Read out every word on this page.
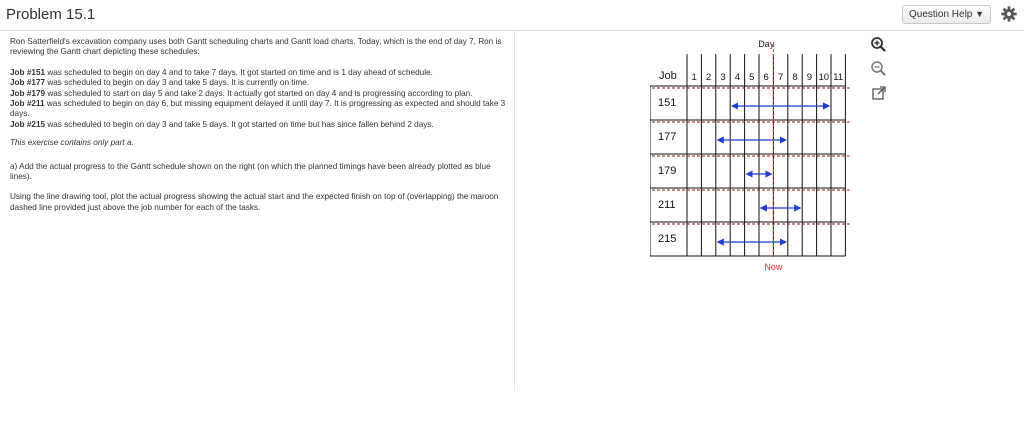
Problem 15.1	Question Help ▼

Ron Satterfield's excavation company uses both Gantt scheduling charts and Gantt load charts. Today, which is the end of day 7, Ron is reviewing the Gantt chart depicting these schedules:

Job #151 was scheduled to begin on day 4 and to take 7 days. It got started on time and is 1 day ahead of schedule.
Job #177 was scheduled to begin on day 3 and take 5 days. It is currently on time.
Job #179 was scheduled to start on day 5 and take 2 days. It actually got started on day 4 and is progressing according to plan.
Job #211 was scheduled to begin on day 6, but missing equipment delayed it until day 7. It is progressing as expected and should take 3 days.
Job #215 was scheduled to begin on day 3 and take 5 days. It got started on time but has since fallen behind 2 days.

This exercise contains only part a.

a) Add the actual progress to the Gantt schedule shown on the right (on which the planned timings have been already plotted as blue lines).

Using the line drawing tool, plot the actual progress showing the actual start and the expected finish on top of (overlapping) the maroon dashed line provided just above the job number for each of the tasks.

Day
Job 1 2 3 4 5 6 7 8 9 10 11
151
177
179
211
215
Now
